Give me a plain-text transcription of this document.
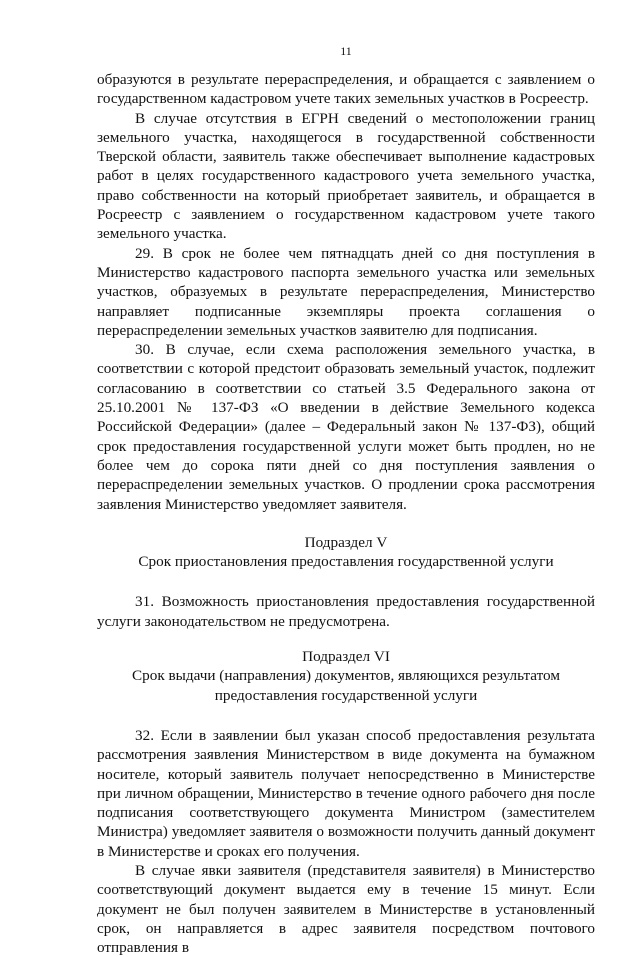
11

образуются в результате перераспределения, и обращается с заявлением о государственном кадастровом учете таких земельных участков в Росреестр.

В случае отсутствия в ЕГРН сведений о местоположении границ земельного участка, находящегося в государственной собственности Тверской области, заявитель также обеспечивает выполнение кадастровых работ в целях государственного кадастрового учета земельного участка, право собственности на который приобретает заявитель, и обращается в Росреестр с заявлением о государственном кадастровом учете такого земельного участка.

29. В срок не более чем пятнадцать дней со дня поступления в Министерство кадастрового паспорта земельного участка или земельных участков, образуемых в результате перераспределения, Министерство направляет подписанные экземпляры проекта соглашения о перераспределении земельных участков заявителю для подписания.

30. В случае, если схема расположения земельного участка, в соответствии с которой предстоит образовать земельный участок, подлежит согласованию в соответствии со статьей 3.5 Федерального закона от 25.10.2001 № 137-ФЗ «О введении в действие Земельного кодекса Российской Федерации» (далее – Федеральный закон № 137-ФЗ), общий срок предоставления государственной услуги может быть продлен, но не более чем до сорока пяти дней со дня поступления заявления о перераспределении земельных участков. О продлении срока рассмотрения заявления Министерство уведомляет заявителя.

Подраздел V

Срок приостановления предоставления государственной услуги

31. Возможность приостановления предоставления государственной услуги законодательством не предусмотрена.

Подраздел VI

Срок выдачи (направления) документов, являющихся результатом предоставления государственной услуги

32. Если в заявлении был указан способ предоставления результата рассмотрения заявления Министерством в виде документа на бумажном носителе, который заявитель получает непосредственно в Министерстве при личном обращении, Министерство в течение одного рабочего дня после подписания соответствующего документа Министром (заместителем Министра) уведомляет заявителя о возможности получить данный документ в Министерстве и сроках его получения.

В случае явки заявителя (представителя заявителя) в Министерство соответствующий документ выдается ему в течение 15 минут. Если документ не был получен заявителем в Министерстве в установленный срок, он направляется в адрес заявителя посредством почтового отправления в
